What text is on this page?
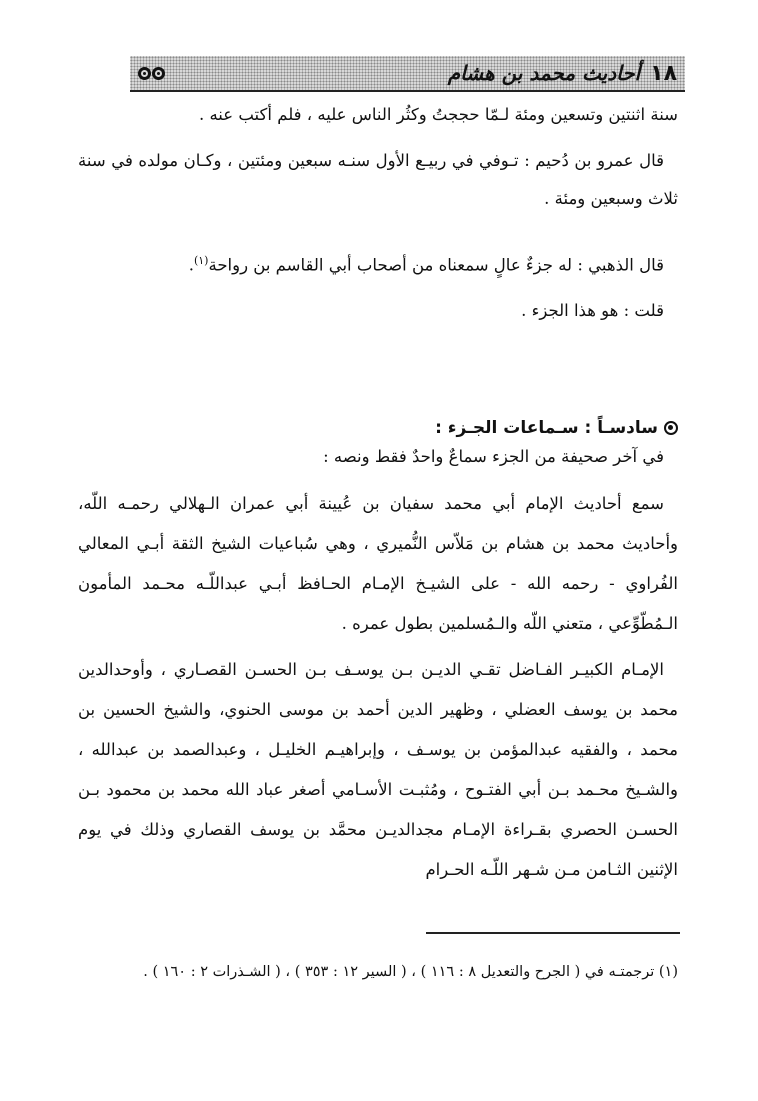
١٨
أحاديث محمد بن هشام

سنة اثنتين وتسعين ومئة لـمّا حججتُ وكثُر الناس عليه ، فلم أكتب عنه .

قال عمرو بن دُحيم : تـوفي في ربيـع الأول سنـه سبعين ومئتين ، وكـان مولده في سنة ثلاث وسبعين ومئة .

قال الذهبي : له جزءٌ عالٍ سمعناه من أصحاب أبي القاسم بن رواحة$^{(١)}$.

قلت : هو هذا الجزء .

سادسـاً : سـماعات الجـزء :

في آخر صحيفة من الجزء سماعٌ واحدٌ فقط ونصه :

سمع أحاديث الإمام أبي محمد سفيان بن عُيينة أبي عمران الـهلالي رحمـه اللّه، وأحاديث محمد بن هشام بن مَلاّس النُّميري ، وهي سُباعيات الشيخ الثقة أبـي المعالي الفُراوي - رحمه الله - على الشيـخ الإمـام الحـافظ أبـي عبداللّـه محـمد المأمون الـمُطّوِّعي ، متعني اللّه والـمُسلمين بطول عمره .

الإمـام الكبيـر الفـاضل تقـي الديـن بـن يوسـف بـن الحسـن القصـاري ، وأوحدالدين محمد بن يوسف العضلي ، وظهير الدين أحمد بن موسى الحنوي، والشيخ الحسين بن محمد ، والفقيه عبدالمؤمن بن يوسـف ، وإبراهيـم الخليـل ، وعبدالصمد بن عبدالله ، والشـيخ محـمد بـن أبي الفتـوح ، ومُثبـت الأسـامي أصغر عباد الله محمد بن محمود بـن الحسـن الحصري بقـراءة الإمـام مجدالديـن محمَّد بن يوسف القصاري وذلك في يوم الإثنين الثـامن مـن شـهر اللّـه الحـرام

(١) ترجمتـه في ( الجرح والتعديل ٨ : ١١٦ ) ، ( السير ١٢ : ٣٥٣ ) ، ( الشـذرات ٢ : ١٦٠ ) .
